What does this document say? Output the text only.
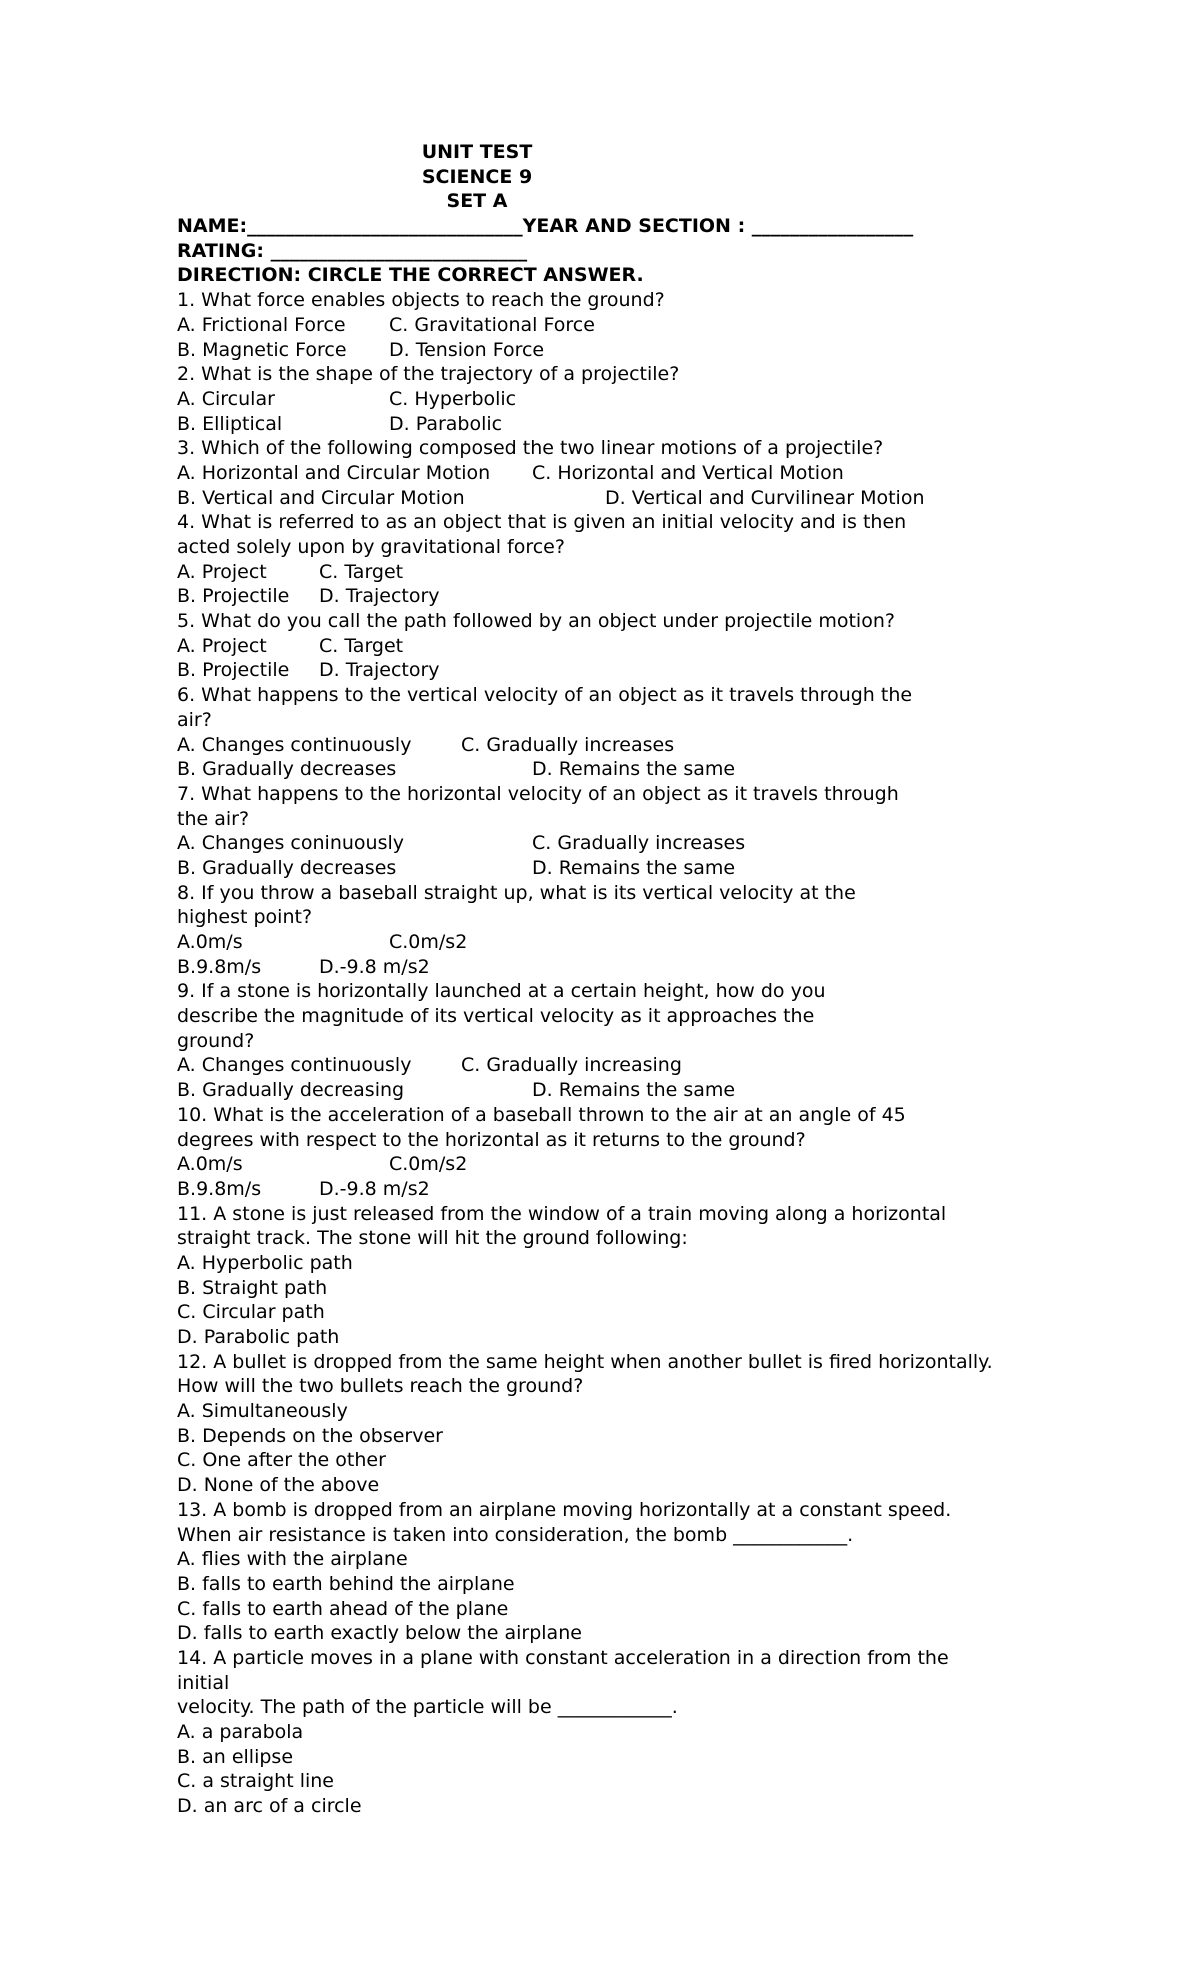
UNIT TEST
SCIENCE 9
SET A
NAME:_____________________________YEAR AND SECTION : _________________
RATING: ___________________________
DIRECTION: CIRCLE THE CORRECT ANSWER.
1. What force enables objects to reach the ground?
A. Frictional Force C. Gravitational Force
B. Magnetic Force D. Tension Force
2. What is the shape of the trajectory of a projectile?
A. Circular	C. Hyperbolic
B. Elliptical	D. Parabolic
3. Which of the following composed the two linear motions of a projectile?
A. Horizontal and Circular Motion C. Horizontal and Vertical Motion
B. Vertical and Circular Motion	D. Vertical and Curvilinear Motion
4. What is referred to as an object that is given an initial velocity and is then
acted solely upon by gravitational force?
A. Project	C. Target
B. Projectile D. Trajectory
5. What do you call the path followed by an object under projectile motion?
A. Project	C. Target
B. Projectile D. Trajectory
6. What happens to the vertical velocity of an object as it travels through the
air?
A. Changes continuously	C. Gradually increases
B. Gradually decreases	D. Remains the same
7. What happens to the horizontal velocity of an object as it travels through
the air?
A. Changes coninuously	C. Gradually increases
B. Gradually decreases	D. Remains the same
8. If you throw a baseball straight up, what is its vertical velocity at the
highest point?
A.0m/s	C.0m/s2
B.9.8m/s	D.-9.8 m/s2
9. If a stone is horizontally launched at a certain height, how do you
describe the magnitude of its vertical velocity as it approaches the
ground?
A. Changes continuously	C. Gradually increasing
B. Gradually decreasing	D. Remains the same
10. What is the acceleration of a baseball thrown to the air at an angle of 45
degrees with respect to the horizontal as it returns to the ground?
A.0m/s	C.0m/s2
B.9.8m/s	D.-9.8 m/s2
11. A stone is just released from the window of a train moving along a horizontal
straight track. The stone will hit the ground following:
A. Hyperbolic path
B. Straight path
C. Circular path
D. Parabolic path
12. A bullet is dropped from the same height when another bullet is fired horizontally.
How will the two bullets reach the ground?
A. Simultaneously
B. Depends on the observer
C. One after the other
D. None of the above
13. A bomb is dropped from an airplane moving horizontally at a constant speed.
When air resistance is taken into consideration, the bomb ____________.
A. flies with the airplane
B. falls to earth behind the airplane
C. falls to earth ahead of the plane
D. falls to earth exactly below the airplane
14. A particle moves in a plane with constant acceleration in a direction from the
initial
velocity. The path of the particle will be ____________.
A. a parabola
B. an ellipse
C. a straight line
D. an arc of a circle
